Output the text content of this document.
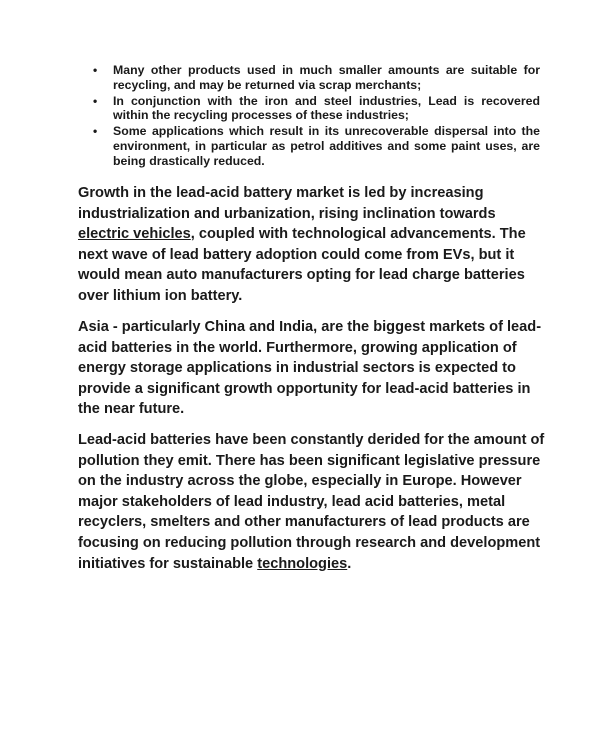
• Many other products used in much smaller amounts are suitable for recycling, and may be returned via scrap merchants;
• In conjunction with the iron and steel industries, Lead is recovered within the recycling processes of these industries;
• Some applications which result in its unrecoverable dispersal into the environment, in particular as petrol additives and some paint uses, are being drastically reduced.

Growth in the lead-acid battery market is led by increasing industrialization and urbanization, rising inclination towards electric vehicles, coupled with technological advancements. The next wave of lead battery adoption could come from EVs, but it would mean auto manufacturers opting for lead charge batteries over lithium ion battery.

Asia - particularly China and India, are the biggest markets of lead-acid batteries in the world. Furthermore, growing application of energy storage applications in industrial sectors is expected to provide a significant growth opportunity for lead-acid batteries in the near future.

Lead-acid batteries have been constantly derided for the amount of pollution they emit. There has been significant legislative pressure on the industry across the globe, especially in Europe. However major stakeholders of lead industry, lead acid batteries, metal recyclers, smelters and other manufacturers of lead products are focusing on reducing pollution through research and development initiatives for sustainable technologies.
